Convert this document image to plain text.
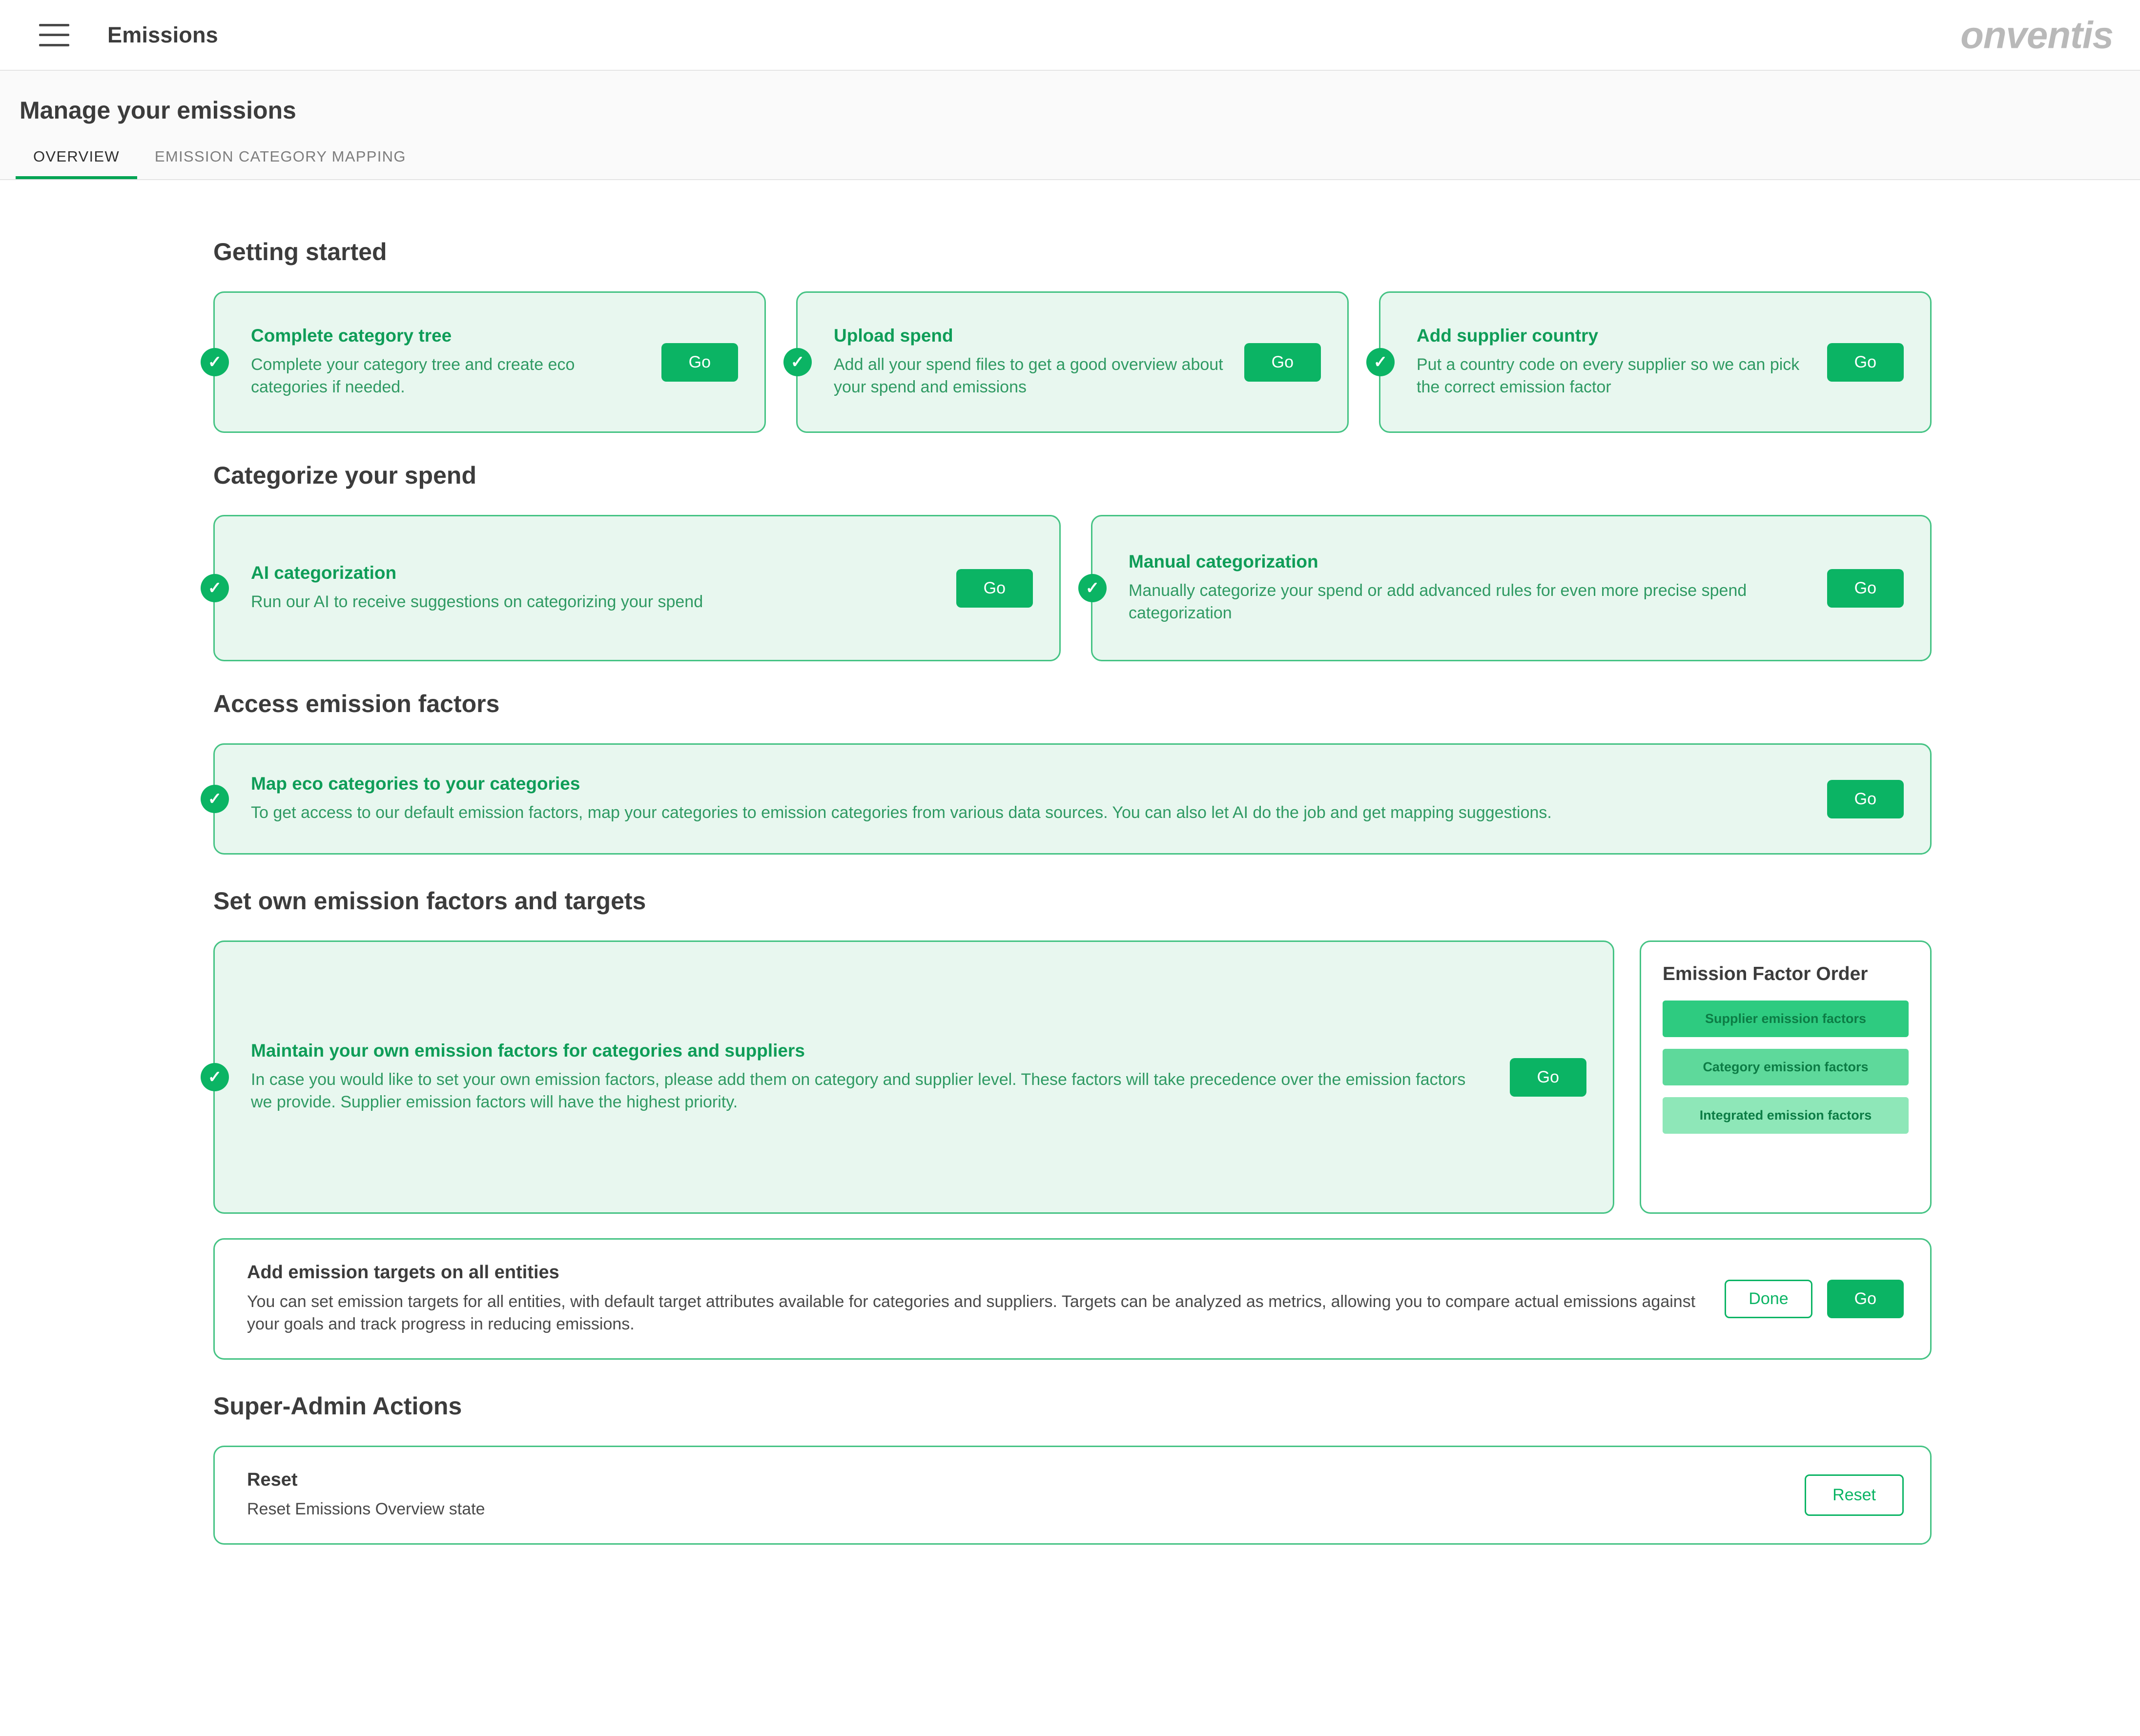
Emissions	onventis
Manage your emissions
OVERVIEW	EMISSION CATEGORY MAPPING
Getting started
✓
Complete category tree
Complete your category tree and create eco categories if needed.
Go	✓
Upload spend
Add all your spend files to get a good overview about your spend and emissions
Go	✓
Add supplier country
Put a country code on every supplier so we can pick the correct emission factor
Go
Categorize your spend
✓
AI categorization
Run our AI to receive suggestions on categorizing your spend
Go	✓
Manual categorization
Manually categorize your spend or add advanced rules for even more precise spend categorization
Go
Access emission factors
✓
Map eco categories to your categories
To get access to our default emission factors, map your categories to emission categories from various data sources. You can also let AI do the job and get mapping suggestions.
Go
Set own emission factors and targets
✓
Maintain your own emission factors for categories and suppliers
In case you would like to set your own emission factors, please add them on category and supplier level. These factors will take precedence over the emission factors we provide. Supplier emission factors will have the highest priority.
Go
Emission Factor Order
Supplier emission factors
Category emission factors
Integrated emission factors
Add emission targets on all entities
You can set emission targets for all entities, with default target attributes available for categories and suppliers. Targets can be analyzed as metrics, allowing you to compare actual emissions against your goals and track progress in reducing emissions.
Done	Go
Super-Admin Actions
Reset
Reset Emissions Overview state
Reset
